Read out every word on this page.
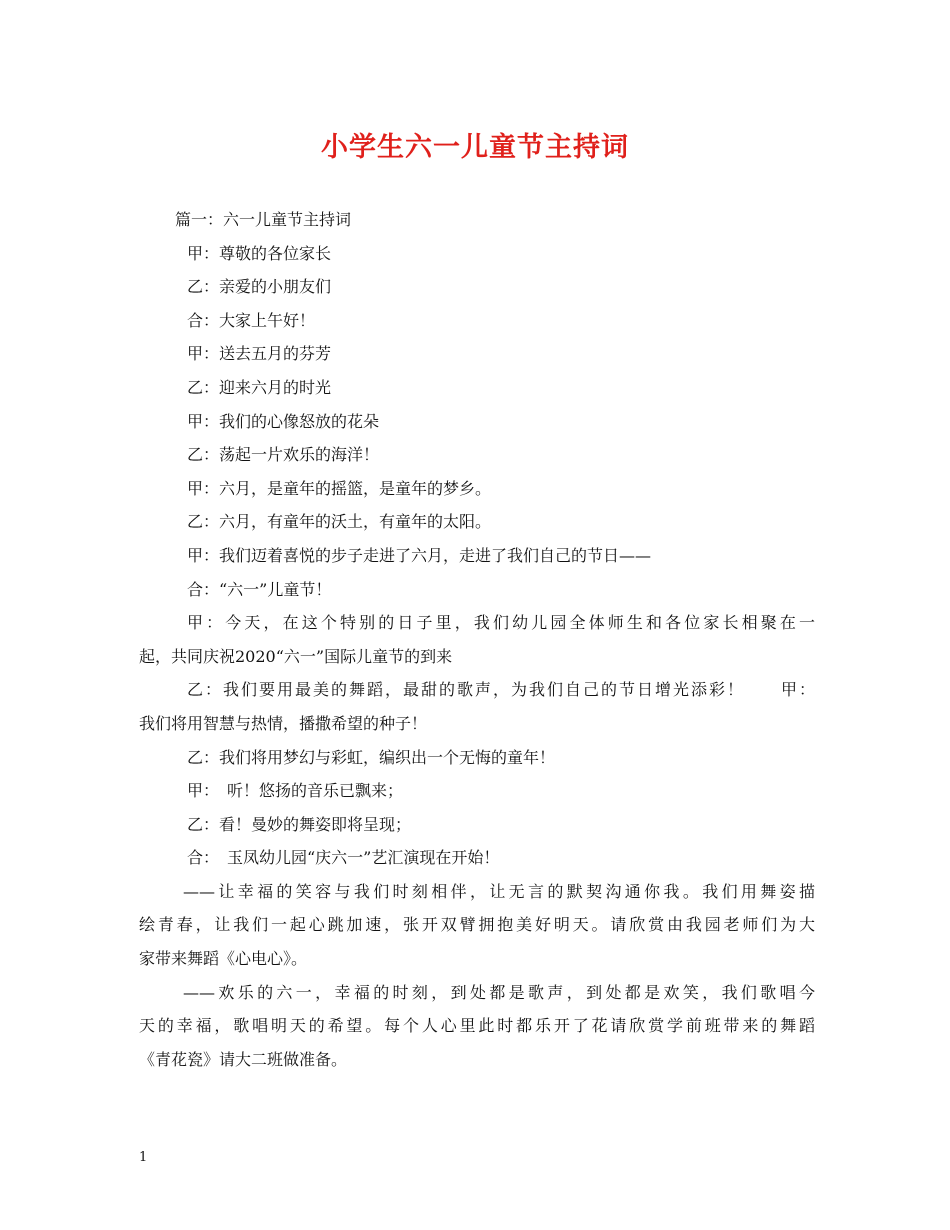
小学生六一儿童节主持词
篇一：六一儿童节主持词
甲：尊敬的各位家长
乙：亲爱的小朋友们
合：大家上午好！
甲：送去五月的芬芳
乙：迎来六月的时光
甲：我们的心像怒放的花朵
乙：荡起一片欢乐的海洋！
甲：六月，是童年的摇篮，是童年的梦乡。
乙：六月，有童年的沃土，有童年的太阳。
甲：我们迈着喜悦的步子走进了六月，走进了我们自己的节日——
合：“六一”儿童节！
甲：今天，在这个特别的日子里，我们幼儿园全体师生和各位家长相聚在一
起，共同庆祝2020“六一”国际儿童节的到来
乙：我们要用最美的舞蹈，最甜的歌声，为我们自己的节日增光添彩！　　甲：
我们将用智慧与热情，播撒希望的种子！
乙：我们将用梦幻与彩虹，编织出一个无悔的童年！
甲：　听！悠扬的音乐已飘来；
乙：看！曼妙的舞姿即将呈现；
合：　玉凤幼儿园“庆六一”艺汇演现在开始！
——让幸福的笑容与我们时刻相伴，让无言的默契沟通你我。我们用舞姿描
绘青春，让我们一起心跳加速，张开双臂拥抱美好明天。请欣赏由我园老师们为大
家带来舞蹈《心电心》。
——欢乐的六一，幸福的时刻，到处都是歌声，到处都是欢笑，我们歌唱今
天的幸福，歌唱明天的希望。每个人心里此时都乐开了花请欣赏学前班带来的舞蹈
《青花瓷》请大二班做准备。
1
